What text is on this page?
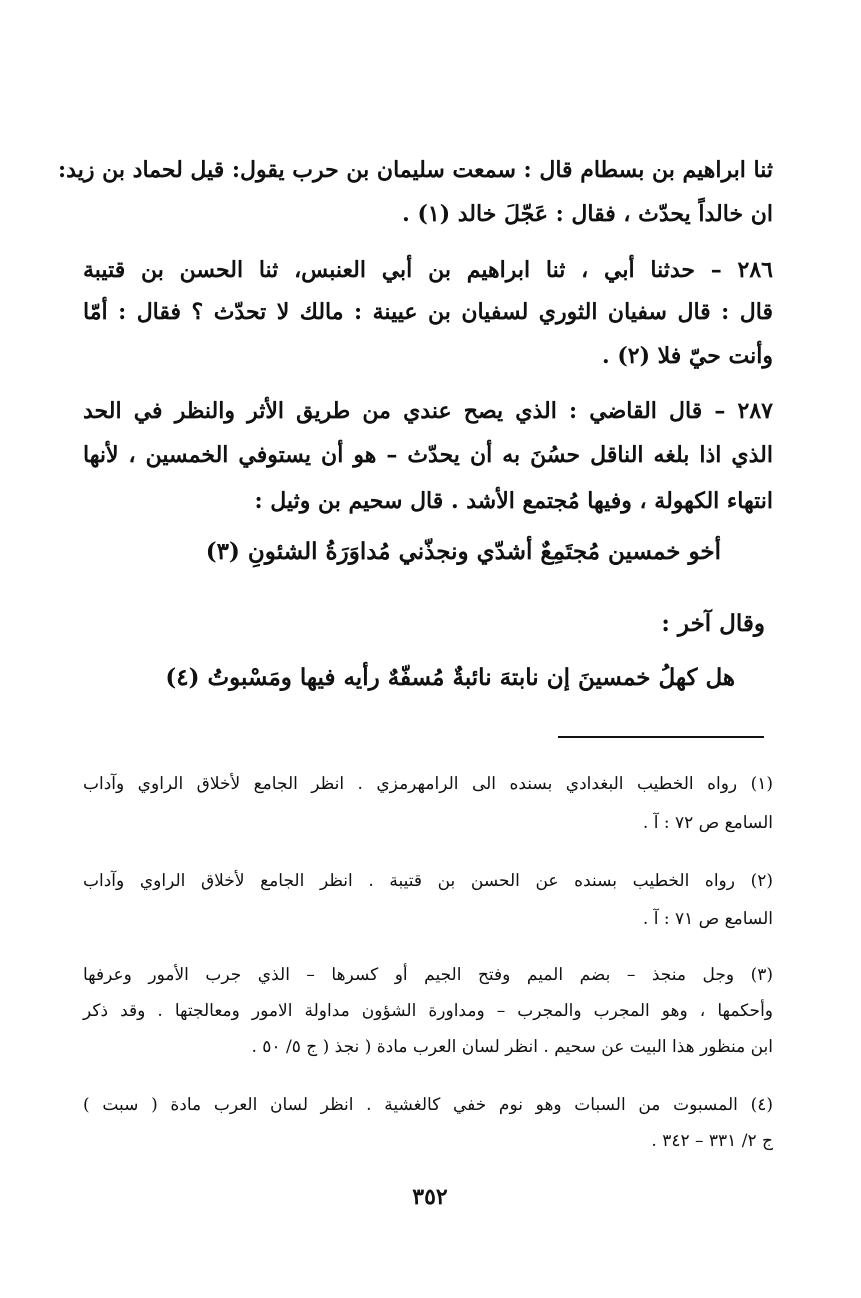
ثنا ابراهيم بن بسطام قال : سمعت سليمان بن حرب يقول: قيل لحماد بن زيد:
ان خالداً يحدّث ، فقال : عَجّلَ خالد (١) .
٢٨٦ – حدثنا أبي ، ثنا ابراهيم بن أبي العنبس، ثنا الحسن بن قتيبة
قال : قال سفيان الثوري لسفيان بن عيينة : مالك لا تحدّث ؟ فقال : أمّا
وأنت حيّ فلا (٢) .
٢٨٧ – قال القاضي : الذي يصح عندي من طريق الأثر والنظر في الحد
الذي اذا بلغه الناقل حسُنَ به أن يحدّث – هو أن يستوفي الخمسين ، لأنها
انتهاء الكهولة ، وفيها مُجتمع الأشد . قال سحيم بن وثيل :
أخو خمسين مُجتَمِعٌ أشدّي ونجذّني مُداوَرَةُ الشئونِ (٣)
وقال آخر :
هل كهلُ خمسينَ إن نابتهَ نائبةٌ مُسفّهٌ رأيه فيها ومَسْبوتُ (٤)
(١) رواه الخطيب البغدادي بسنده الى الرامهرمزي . انظر الجامع لأخلاق الراوي وآداب
السامع ص ٧٢ : آ .
(٢) رواه الخطيب بسنده عن الحسن بن قتيبة . انظر الجامع لأخلاق الراوي وآداب
السامع ص ٧١ : آ .
(٣) وجل منجذ – بضم الميم وفتح الجيم أو كسرها – الذي جرب الأمور وعرفها
وأحكمها ، وهو المجرب والمجرب – ومداورة الشؤون مداولة الامور ومعالجتها . وقد ذكر
ابن منظور هذا البيت عن سحيم . انظر لسان العرب مادة ( نجذ ( ج ٥/ ٥٠ .
(٤) المسبوت من السبات وهو نوم خفي كالغشية . انظر لسان العرب مادة ( سبت )
ج ٢/ ٣٣١ – ٣٤٢ .
٣٥٢
